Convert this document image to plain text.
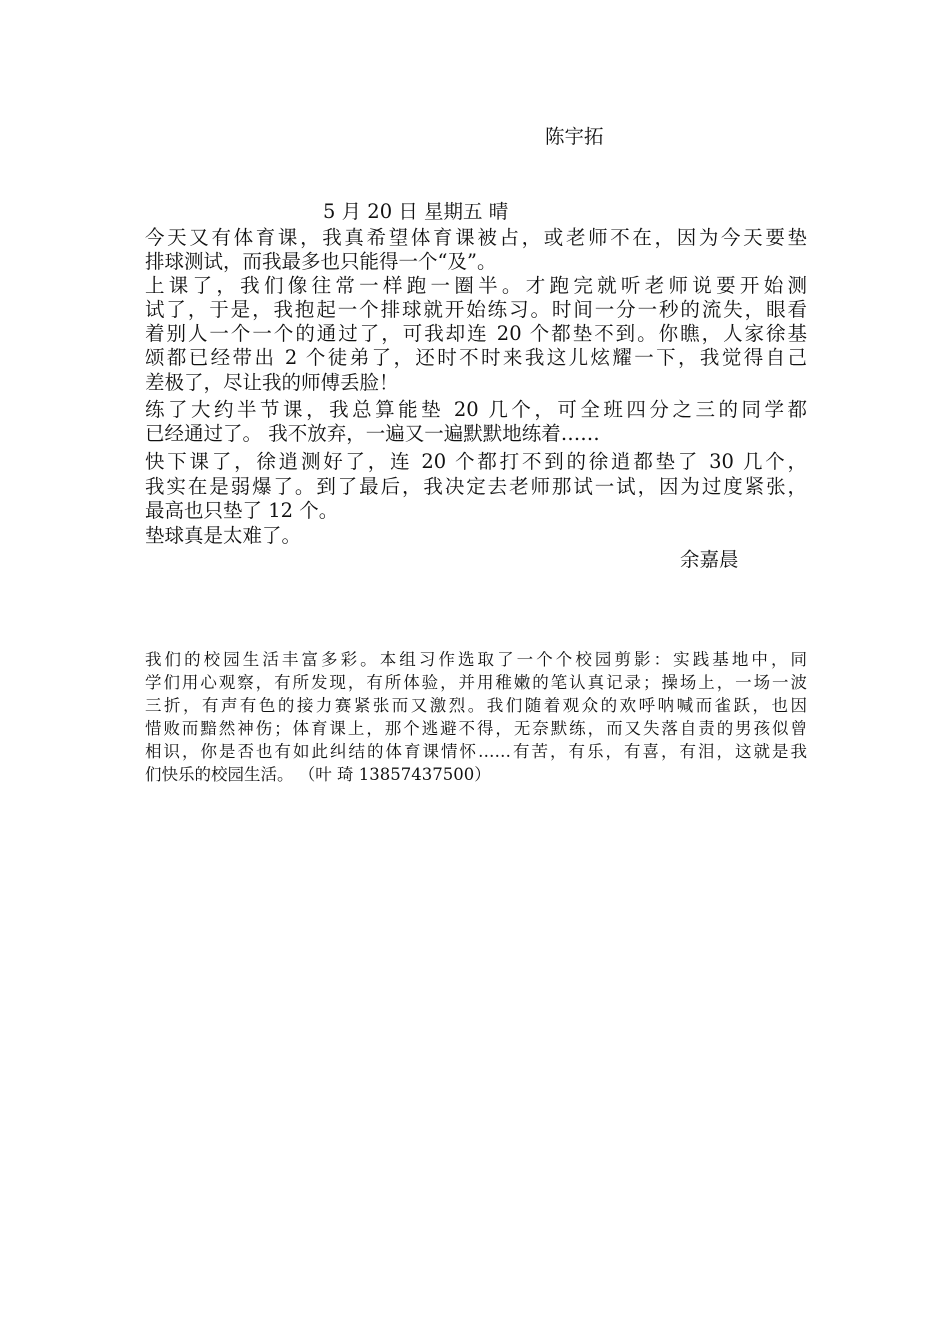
陈宇拓
5 月 20 日 星期五 晴
今天又有体育课，我真希望体育课被占，或老师不在，因为今天要垫
排球测试，而我最多也只能得一个“及”。
上课了，我们像往常一样跑一圈半。才跑完就听老师说要开始测
试了，于是，我抱起一个排球就开始练习。时间一分一秒的流失，眼看
着别人一个一个的通过了，可我却连 20 个都垫不到。你瞧，人家徐基
颂都已经带出 2 个徒弟了，还时不时来我这儿炫耀一下，我觉得自己
差极了，尽让我的师傅丢脸！
练了大约半节课，我总算能垫 20 几个，可全班四分之三的同学都
已经通过了。 我不放弃，一遍又一遍默默地练着……
快下课了，徐逍测好了，连 20 个都打不到的徐逍都垫了 30 几个，
我实在是弱爆了。到了最后，我决定去老师那试一试，因为过度紧张，
最高也只垫了 12 个。
垫球真是太难了。
余嘉晨
我们的校园生活丰富多彩。本组习作选取了一个个校园剪影：实践基地中，同
学们用心观察，有所发现，有所体验，并用稚嫩的笔认真记录；操场上，一场一波
三折，有声有色的接力赛紧张而又激烈。我们随着观众的欢呼呐喊而雀跃，也因
惜败而黯然神伤；体育课上，那个逃避不得，无奈默练，而又失落自责的男孩似曾
相识，你是否也有如此纠结的体育课情怀……有苦，有乐，有喜，有泪，这就是我
们快乐的校园生活。 （叶 琦 13857437500）
